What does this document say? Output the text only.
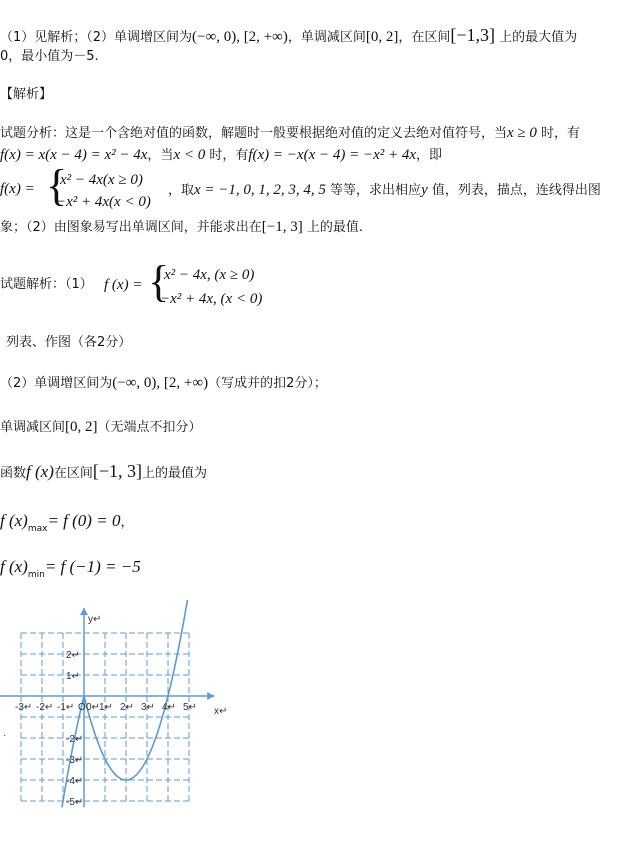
（1）见解析；（2）单调增区间为(−∞, 0), [2, +∞)，单调减区间[0, 2]，在区间[−1,3] 上的最大值为
0，最小值为－5.
【解析】
试题分析：这是一个含绝对值的函数，解题时一般要根据绝对值的定义去绝对值符号，当x ≥ 0 时，有
f(x) = x(x − 4) = x² − 4x，当x < 0 时，有f(x) = −x(x − 4) = −x² + 4x，即
f(x) = {
x² − 4x(x ≥ 0)
−x² + 4x(x < 0)
，取x = −1, 0, 1, 2, 3, 4, 5 等等，求出相应y 值，列表，描点，连线得出图
象；（2）由图象易写出单调区间，并能求出在[−1, 3] 上的最值.
试题解析：（1） f (x) = {
x² − 4x, (x ≥ 0)
−x² + 4x, (x < 0)
列表、作图（各2分）
（2）单调增区间为(−∞, 0), [2, +∞)（写成并的扣2分）；
单调减区间[0, 2]（无端点不扣分）
函数f (x)在区间[−1, 3]上的最值为
f $(x)_{max}= f$ (0) = 0，
f $(x)_{min}= f$ (−1) = −5
y↵
x↵
·
-3↵ -2↵ -1↵ O 1↵ 2↵ 3↵ 4↵ 5↵
2↵
1↵
-2↵
-3↵
-4↵
-5↵
0↵
